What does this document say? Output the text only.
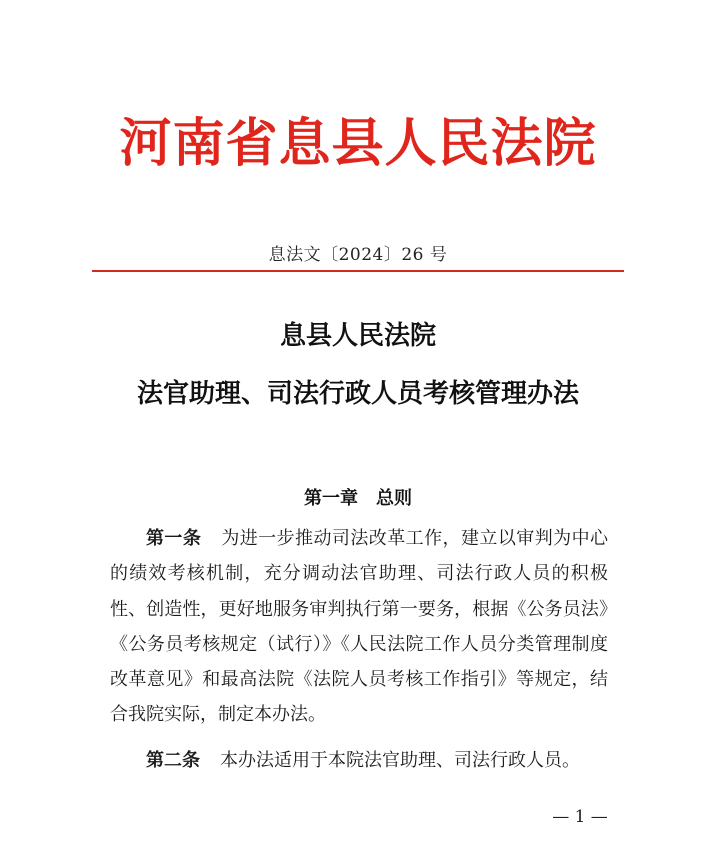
河南省息县人民法院
息法文〔2024〕26 号
息县人民法院
法官助理、司法行政人员考核管理办法
第一章　总则
第一条 为进一步推动司法改革工作，建立以审判为中心的绩效考核机制，充分调动法官助理、司法行政人员的积极性、创造性，更好地服务审判执行第一要务，根据《公务员法》《公务员考核规定（试行）》《人民法院工作人员分类管理制度改革意见》和最高法院《法院人员考核工作指引》等规定，结合我院实际，制定本办法。
第二条 本办法适用于本院法官助理、司法行政人员。
— 1 —
